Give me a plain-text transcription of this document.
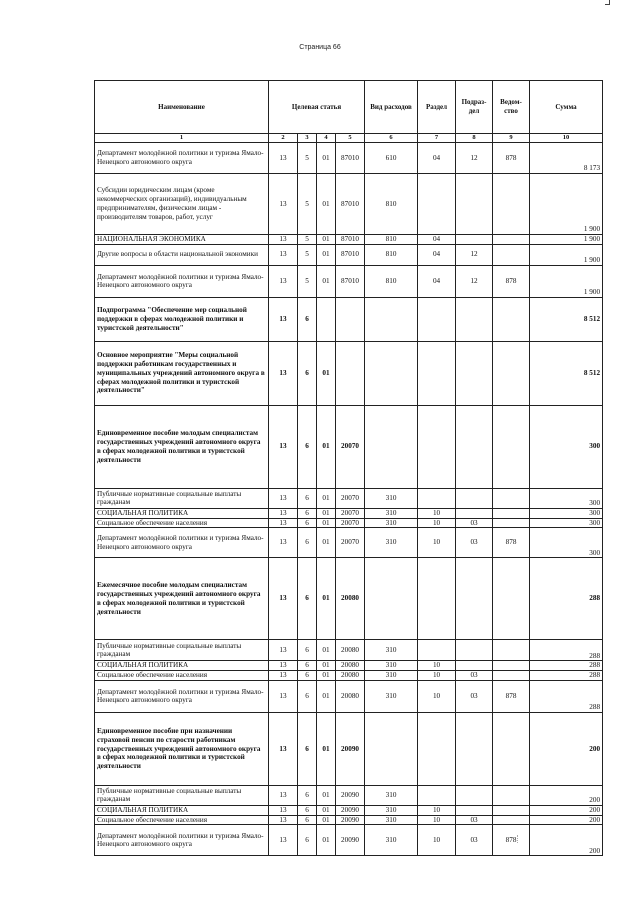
Страница 66
Наименование	Целевая статья				Вид расходов	Раздел	Подраз-дел	Ведом-ство	Сумма
1	2	3	4	5	6	7	8	9	10
Департамент молодёжной политики и туризма Ямало-Ненецкого автономного округа	13	5	01	87010	610	04	12	878	8 173
Субсидии юридическим лицам (кроме некоммерческих организаций), индивидуальным предпринимателям, физическим лицам - производителям товаров, работ, услуг	13	5	01	87010	810				1 900
НАЦИОНАЛЬНАЯ ЭКОНОМИКА	13	5	01	87010	810	04			1 900
Другие вопросы в области национальной экономики	13	5	01	87010	810	04	12		1 900
Департамент молодёжной политики и туризма Ямало-Ненецкого автономного округа	13	5	01	87010	810	04	12	878	1 900
Подпрограмма "Обеспечение мер социальной поддержки в сферах молодежной политики и туристской деятельности"	13	6							8 512
Основное мероприятие "Меры социальной поддержки работникам государственных и муниципальных учреждений автономного округа в сферах молодежной политики и туристской деятельности"	13	6	01						8 512
Единовременное пособие молодым специалистам государственных учреждений автономного округа в сферах молодежной политики и туристской деятельности	13	6	01	20070					300
Публичные нормативные социальные выплаты гражданам	13	6	01	20070	310				300
СОЦИАЛЬНАЯ ПОЛИТИКА	13	6	01	20070	310	10			300
Социальное обеспечение населения	13	6	01	20070	310	10	03		300
Департамент молодёжной политики и туризма Ямало-Ненецкого автономного округа	13	6	01	20070	310	10	03	878	300
Ежемесячное пособие молодым специалистам государственных учреждений автономного округа в сферах молодежной политики и туристской деятельности	13	6	01	20080					288
Публичные нормативные социальные выплаты гражданам	13	6	01	20080	310				288
СОЦИАЛЬНАЯ ПОЛИТИКА	13	6	01	20080	310	10			288
Социальное обеспечение населения	13	6	01	20080	310	10	03		288
Департамент молодёжной политики и туризма Ямало-Ненецкого автономного округа	13	6	01	20080	310	10	03	878	288
Единовременное пособие при назначении страховой пенсии по старости работникам государственных учреждений автономного округа в сферах молодежной политики и туристской деятельности	13	6	01	20090					200
Публичные нормативные социальные выплаты гражданам	13	6	01	20090	310				200
СОЦИАЛЬНАЯ ПОЛИТИКА	13	6	01	20090	310	10			200
Социальное обеспечение населения	13	6	01	20090	310	10	03		200
Департамент молодёжной политики и туризма Ямало-Ненецкого автономного округа	13	6	01	20090	310	10	03	878	200
